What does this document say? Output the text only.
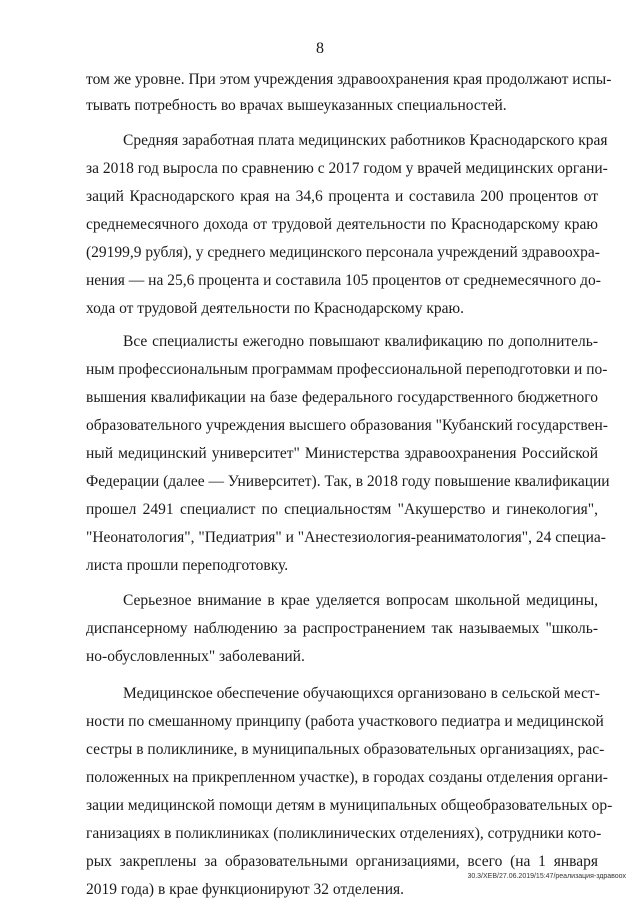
8
том же уровне. При этом учреждения здравоохранения края продолжают испы-
тывать потребность во врачах вышеуказанных специальностей.
Средняя заработная плата медицинских работников Краснодарского края
за 2018 год выросла по сравнению с 2017 годом у врачей медицинских органи-
заций Краснодарского края на 34,6 процента и составила 200 процентов от
среднемесячного дохода от трудовой деятельности по Краснодарскому краю
(29199,9 рубля), у среднего медицинского персонала учреждений здравоохра-
нения — на 25,6 процента и составила 105 процентов от среднемесячного до-
хода от трудовой деятельности по Краснодарскому краю.
Все специалисты ежегодно повышают квалификацию по дополнитель-
ным профессиональным программам профессиональной переподготовки и по-
вышения квалификации на базе федерального государственного бюджетного
образовательного учреждения высшего образования "Кубанский государствен-
ный медицинский университет" Министерства здравоохранения Российской
Федерации (далее — Университет). Так, в 2018 году повышение квалификации
прошел 2491 специалист по специальностям "Акушерство и гинекология",
"Неонатология", "Педиатрия" и "Анестезиология-реаниматология", 24 специа-
листа прошли переподготовку.
Серьезное внимание в крае уделяется вопросам школьной медицины,
диспансерному наблюдению за распространением так называемых "школь-
но-обусловленных" заболеваний.
Медицинское обеспечение обучающихся организовано в сельской мест-
ности по смешанному принципу (работа участкового педиатра и медицинской
сестры в поликлинике, в муниципальных образовательных организациях, рас-
положенных на прикрепленном участке), в городах созданы отделения органи-
зации медицинской помощи детям в муниципальных общеобразовательных ор-
ганизациях в поликлиниках (поликлинических отделениях), сотрудники кото-
рых закреплены за образовательными организациями, всего (на 1 января
2019 года) в крае функционируют 32 отделения.
30.3/ХЕВ/27.06.2019/15:47/реализация-здравоох
